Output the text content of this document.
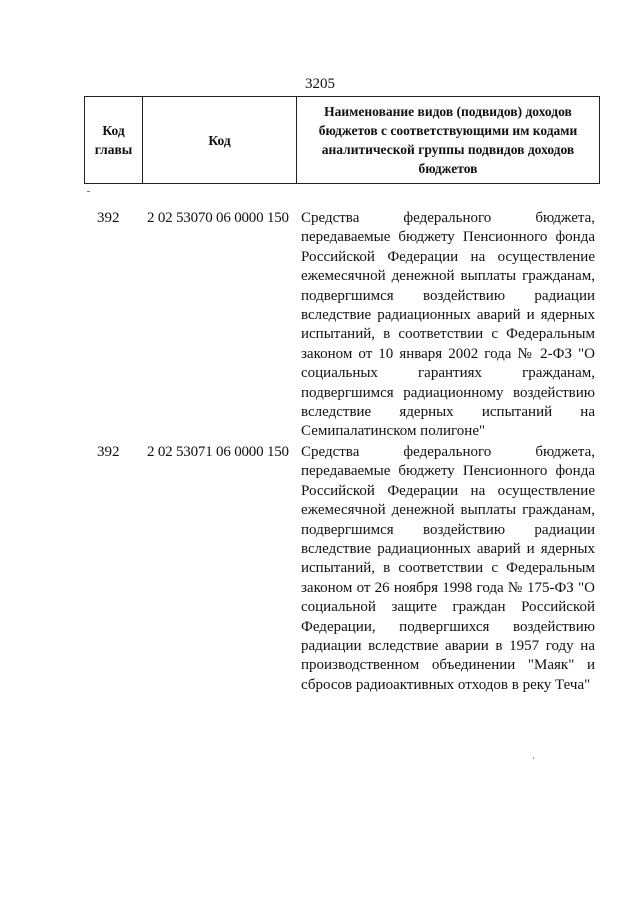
3205
Код
главы
	Код	Наименование видов (подвидов) доходов бюджетов с соответствующими им кодами аналитической группы подвидов доходов бюджетов
392	2 02 53070 06 0000 150 Средства федерального бюджета, передаваемые бюджету Пенсионного фонда Российской Федерации на осуществление ежемесячной денежной выплаты гражданам, подвергшимся воздействию радиации вследствие радиационных аварий и ядерных испытаний, в соответствии с Федеральным законом от 10 января 2002 года № 2-ФЗ "О социальных гарантиях гражданам, подвергшимся радиационному воздействию вследствие ядерных испытаний на Семипалатинском полигоне"
392	2 02 53071 06 0000 150 Средства федерального бюджета, передаваемые бюджету Пенсионного фонда Российской Федерации на осуществление ежемесячной денежной выплаты гражданам, подвергшимся воздействию радиации вследствие радиационных аварий и ядерных испытаний, в соответствии с Федеральным законом от 26 ноября 1998 года № 175-ФЗ "О социальной защите граждан Российской Федерации, подвергшихся воздействию радиации вследствие аварии в 1957 году на производственном объединении "Маяк" и сбросов радиоактивных отходов в реку Теча"
